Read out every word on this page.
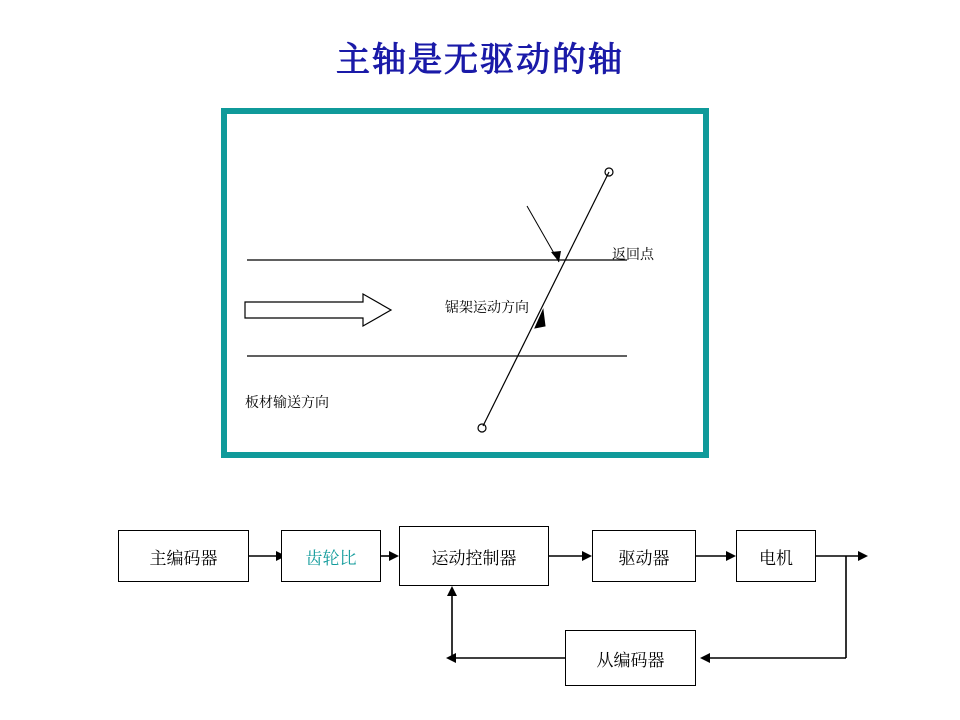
主轴是无驱动的轴
返回点
锯架运动方向
板材输送方向
主编码器	齿轮比	运动控制器	驱动器	电机
从编码器
